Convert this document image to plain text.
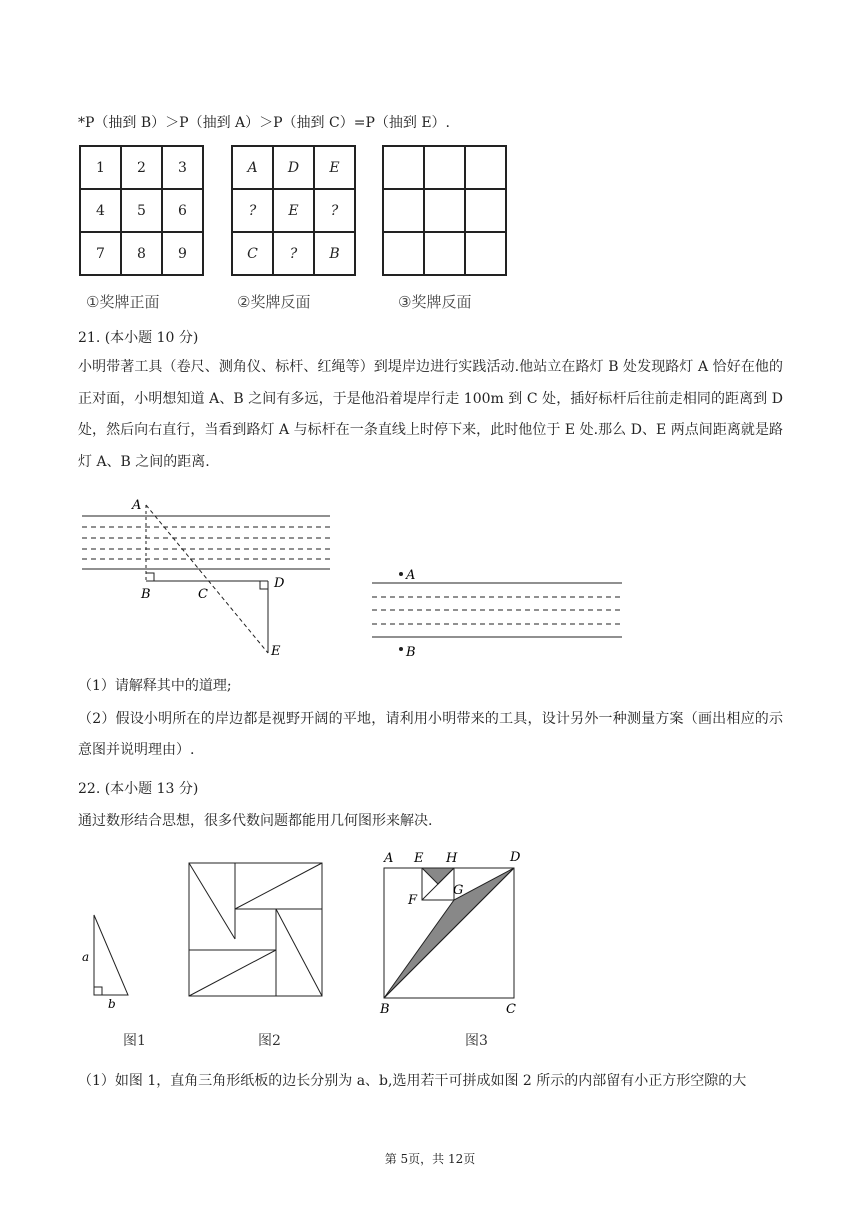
*P（抽到 B）＞P（抽到 A）＞P（抽到 C）=P（抽到 E）.
1	2	3
4	5	6
7	8	9
A	D	E
?	E	?
C	?	B
①奖牌正面	②奖牌反面	③奖牌反面
21. (本小题 10 分)
小明带著工具（卷尺、测角仪、标杆、红绳等）到堤岸边进行实践活动.他站立在路灯 B 处发现路灯 A 恰好在他的正对面，小明想知道 A、B 之间有多远，于是他沿着堤岸行走 100m 到 C 处，插好标杆后往前走相同的距离到 D 处，然后向右直行，当看到路灯 A 与标杆在一条直线上时停下来，此时他位于 E 处.那么 D、E 两点间距离就是路灯 A、B 之间的距离.
A
B	C
D
E
A
B
（1）请解释其中的道理;
（2）假设小明所在的岸边都是视野开阔的平地，请利用小明带来的工具，设计另外一种测量方案（画出相应的示意图并说明理由）.
22. (本小题 13 分)
通过数形结合思想，很多代数问题都能用几何图形来解决.
a
b
A E H	D
F
G
B	C
图1	图2	图3
（1）如图 1，直角三角形纸板的边长分别为 a、b,选用若干可拼成如图 2 所示的内部留有小正方形空隙的大
第 5页，共 12页
